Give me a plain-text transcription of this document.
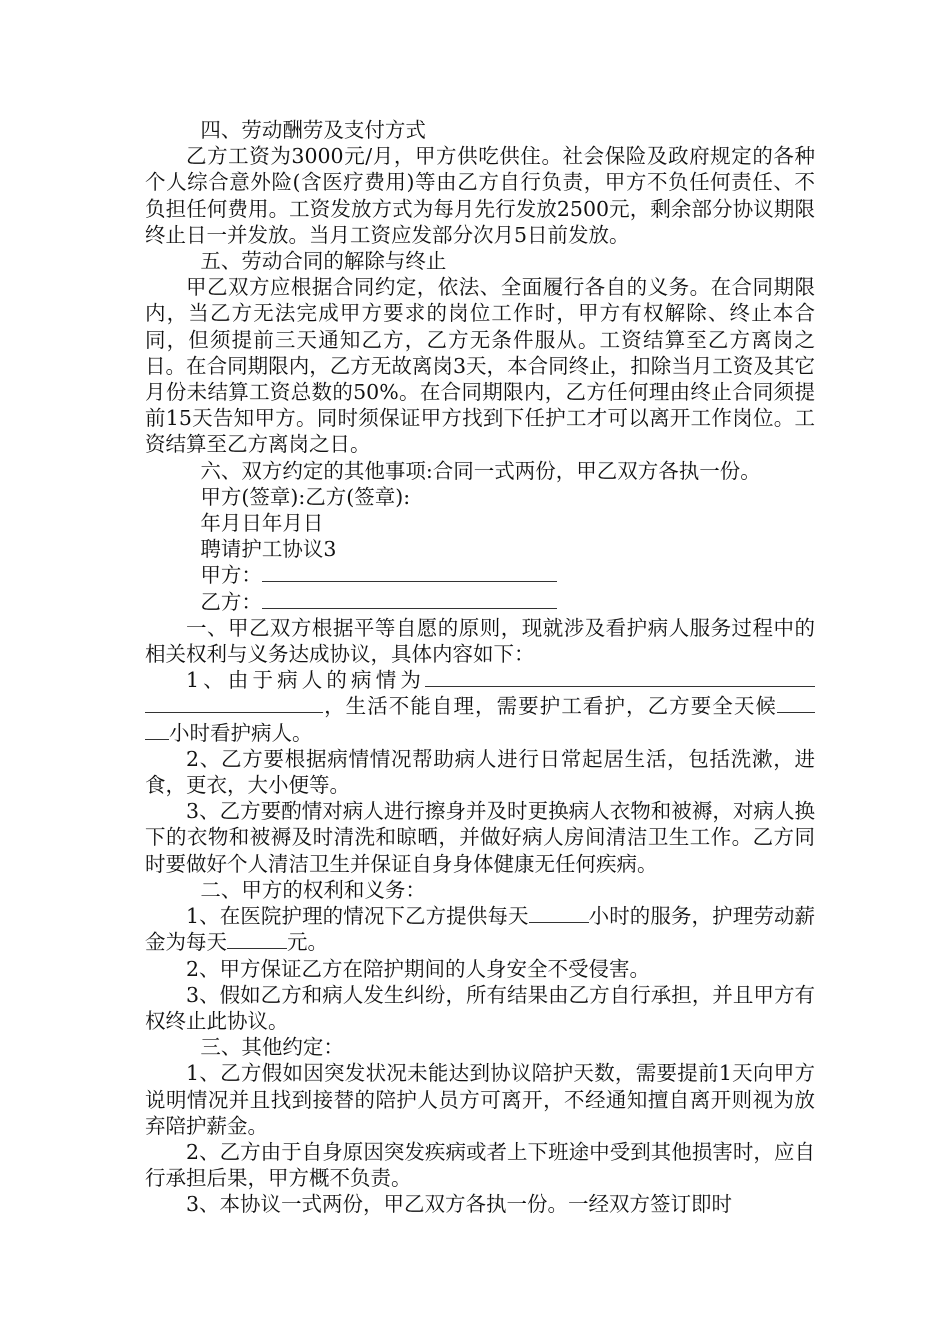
四、劳动酬劳及支付方式

乙方工资为3000元/月，甲方供吃供住。社会保险及政府规定的各种个人综合意外险(含医疗费用)等由乙方自行负责，甲方不负任何责任、不负担任何费用。工资发放方式为每月先行发放2500元，剩余部分协议期限终止日一并发放。当月工资应发部分次月5日前发放。

五、劳动合同的解除与终止

甲乙双方应根据合同约定，依法、全面履行各自的义务。在合同期限内，当乙方无法完成甲方要求的岗位工作时，甲方有权解除、终止本合同，但须提前三天通知乙方，乙方无条件服从。工资结算至乙方离岗之日。在合同期限内，乙方无故离岗3天，本合同终止，扣除当月工资及其它月份未结算工资总数的50%。在合同期限内，乙方任何理由终止合同须提前15天告知甲方。同时须保证甲方找到下任护工才可以离开工作岗位。工资结算至乙方离岗之日。

六、双方约定的其他事项:合同一式两份，甲乙双方各执一份。

甲方(签章):乙方(签章):

年月日年月日

聘请护工协议3

甲方：

乙方：

一、甲乙双方根据平等自愿的原则，现就涉及看护病人服务过程中的相关权利与义务达成协议，具体内容如下：

1、由于病人的病情为，生活不能自理，需要护工看护，乙方要全天候小时看护病人。

2、乙方要根据病情情况帮助病人进行日常起居生活，包括洗漱，进食，更衣，大小便等。

3、乙方要酌情对病人进行擦身并及时更换病人衣物和被褥，对病人换下的衣物和被褥及时清洗和晾晒，并做好病人房间清洁卫生工作。乙方同时要做好个人清洁卫生并保证自身身体健康无任何疾病。

二、甲方的权利和义务：

1、在医院护理的情况下乙方提供每天	小时的服务，护理劳动薪金为每天	元。

2、甲方保证乙方在陪护期间的人身安全不受侵害。

3、假如乙方和病人发生纠纷，所有结果由乙方自行承担，并且甲方有权终止此协议。

三、其他约定：

1、乙方假如因突发状况未能达到协议陪护天数，需要提前1天向甲方说明情况并且找到接替的陪护人员方可离开，不经通知擅自离开则视为放弃陪护薪金。

2、乙方由于自身原因突发疾病或者上下班途中受到其他损害时，应自行承担后果，甲方概不负责。

3、本协议一式两份，甲乙双方各执一份。一经双方签订即时
